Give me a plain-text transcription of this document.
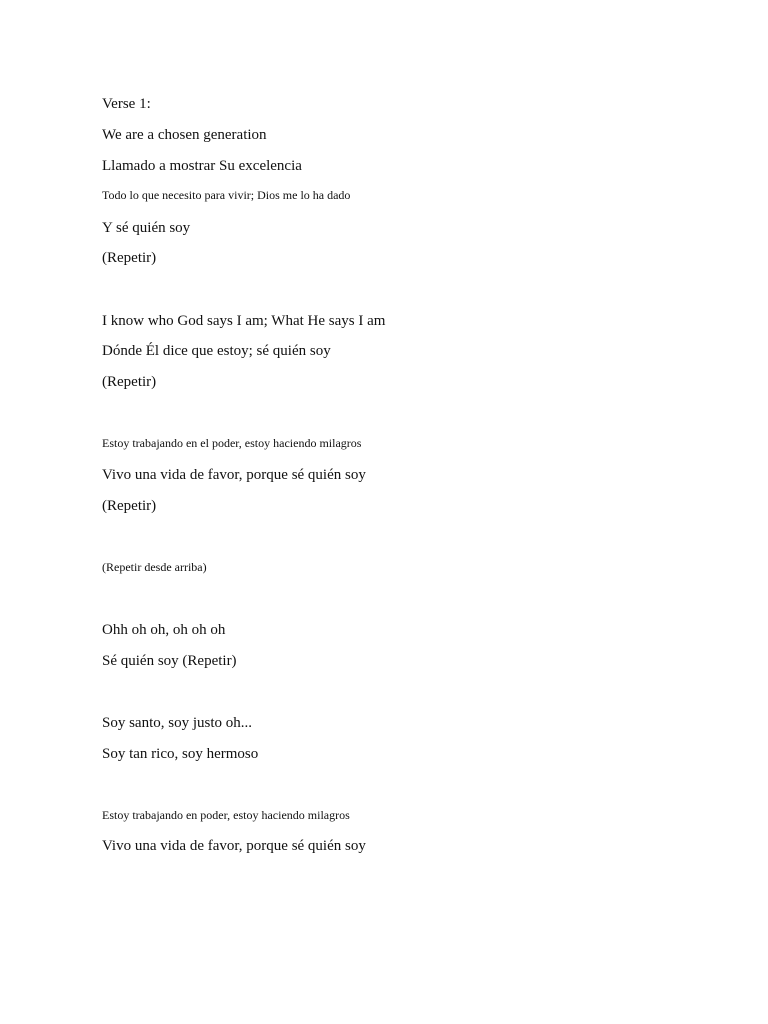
Verse 1:

We are a chosen generation

Llamado a mostrar Su excelencia

Todo lo que necesito para vivir; Dios me lo ha dado

Y sé quién soy

(Repetir)

I know who God says I am; What He says I am

Dónde Él dice que estoy; sé quién soy

(Repetir)

Estoy trabajando en el poder, estoy haciendo milagros

Vivo una vida de favor, porque sé quién soy

(Repetir)

(Repetir desde arriba)

Ohh oh oh, oh oh oh

Sé quién soy (Repetir)

Soy santo, soy justo oh...

Soy tan rico, soy hermoso

Estoy trabajando en poder, estoy haciendo milagros

Vivo una vida de favor, porque sé quién soy
